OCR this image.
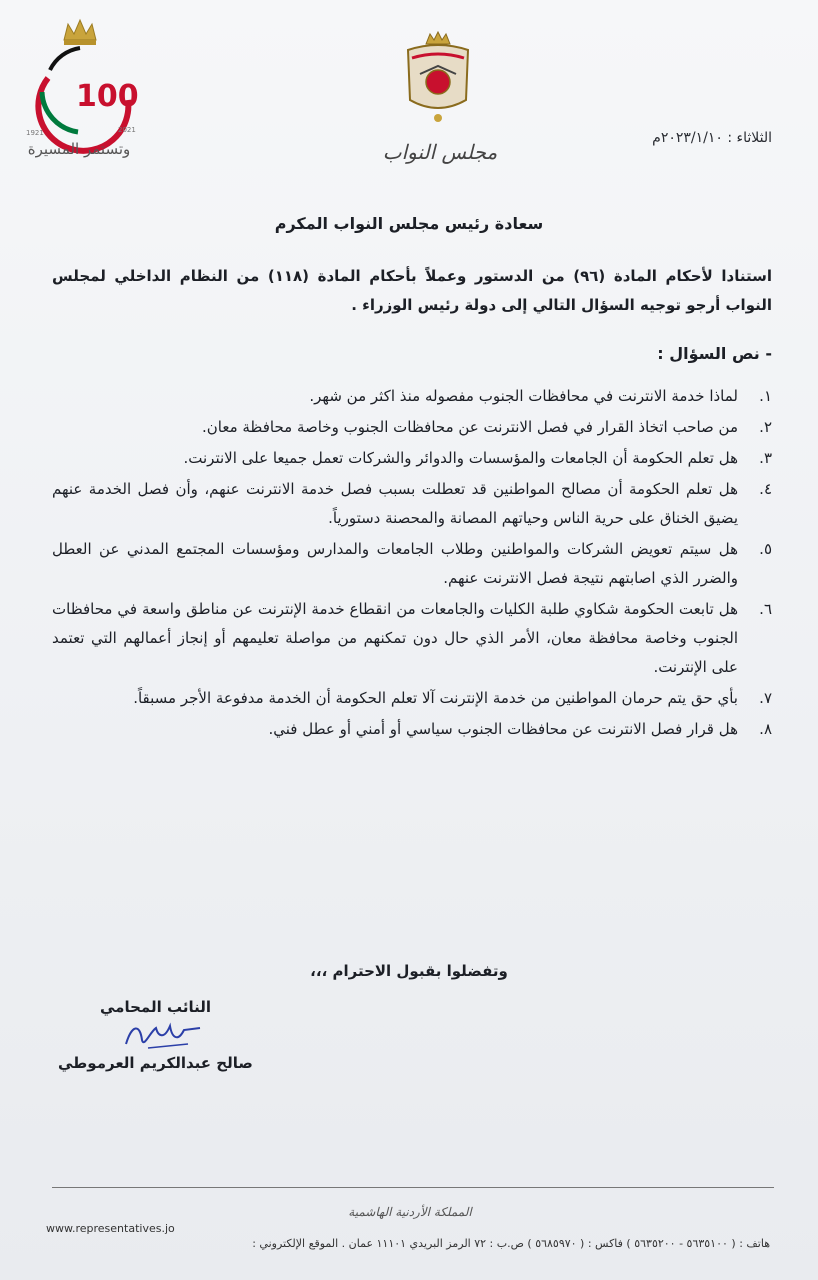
100
1921	2021
وتستمر المسيرة	مجلس النواب
الثلاثاء : ٢٠٢٣/١/١٠م
سعادة رئيس مجلس النواب المكرم
استنادا لأحكام المادة (٩٦) من الدستور وعملاً بأحكام المادة (١١٨) من النظام الداخلي لمجلس النواب أرجو توجيه السؤال التالي إلى دولة رئيس الوزراء .
- نص السؤال :
١.
لماذا خدمة الانترنت في محافظات الجنوب مفصوله منذ اكثر من شهر.
٢.
من صاحب اتخاذ القرار في فصل الانترنت عن محافظات الجنوب وخاصة محافظة معان.
٣.
هل تعلم الحكومة أن الجامعات والمؤسسات والدوائر والشركات تعمل جميعا على الانترنت.
٤.
هل تعلم الحكومة أن مصالح المواطنين قد تعطلت بسبب فصل خدمة الانترنت عنهم، وأن فصل الخدمة عنهم يضيق الخناق على حرية الناس وحياتهم المصانة والمحصنة دستورياً.
٥.
هل سيتم تعويض الشركات والمواطنين وطلاب الجامعات والمدارس ومؤسسات المجتمع المدني عن العطل والضرر الذي اصابتهم نتيجة فصل الانترنت عنهم.
٦.
هل تابعت الحكومة شكاوي طلبة الكليات والجامعات من انقطاع خدمة الإنترنت عن مناطق واسعة في محافظات الجنوب وخاصة محافظة معان، الأمر الذي حال دون تمكنهم من مواصلة تعليمهم أو إنجاز أعمالهم التي تعتمد على الإنترنت.
٧.
بأي حق يتم حرمان المواطنين من خدمة الإنترنت آلا تعلم الحكومة أن الخدمة مدفوعة الأجر مسبقاً.
٨.
هل قرار فصل الانترنت عن محافظات الجنوب سياسي أو أمني أو عطل فني.
وتفضلوا بقبول الاحترام ،،،
النائب المحامي
صالح عبدالكريم العرموطي
المملكة الأردنية الهاشمية
www.representatives.jo
هاتف : ( ٥٦٣٥١٠٠ - ٥٦٣٥٢٠٠ ) فاكس : ( ٥٦٨٥٩٧٠ ) ص.ب : ٧٢ الرمز البريدي ١١١٠١ عمان . الموقع الإلكتروني :
